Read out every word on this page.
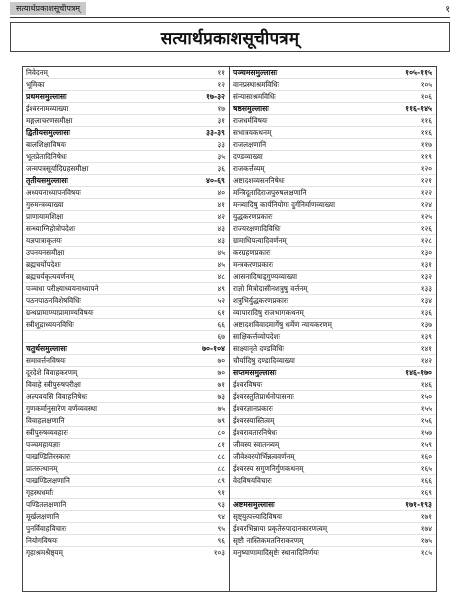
सत्यार्थप्रकाशसूचीपत्रम्	१
सत्यार्थप्रकाशसूचीपत्रम्
निवेदनम्	११
भूमिका	१२
प्रथमसमुल्लासः	१७-३२
ईश्वरनामव्याख्या	१७
मङ्गलाचरणसमीक्षा	३१
द्वितीयसमुल्लासः	३३-३९
बालशिक्षाविषयः	३३
भूतप्रेतादिनिषेधः	३५
जन्मपत्रसूर्यादिग्रहसमीक्षा	३६
तृतीयसमुल्लासः	४०-६९
अध्ययनाध्यापनविषयः	४०
गुरुमन्त्रव्याख्या	४१
प्राणायामशिक्षा	४२
सन्ध्याग्निहोत्रोपदेशः	४३
यज्ञपात्राकृतयः	४३
उपनयनसमीक्षा	४५
ब्रह्मचर्योपदेशः	४५
ब्रह्मचर्यकृत्यवर्णनम्	४८
पञ्चधा परीक्ष्याध्ययनाध्यापने	४९
पठनपाठनविशेषविधिः	५२
ग्रन्थप्रामाण्याप्रामाण्यविषयः	६१
स्त्रीशूद्राध्ययनविधिः	६६
६७
चतुर्थसमुल्लासः	७०-१०४
समावर्त्तनविषयः	७०
दूरदेशे विवाहकरणम्	७०
विवाहे स्त्रीपुरुषपरीक्षा	७१
अल्पवयसि विवाहनिषेधः	७३
गुणकर्मानुसारेण वर्णव्यवस्था	७५
विवाहलक्षणानि	७९
स्त्रीपुरुषव्यवहारः	८०
पञ्चमहायज्ञाः	८१
पाखण्डितिरस्कारः	८८
प्रातरुत्थानम्	८८
पाखण्डिलक्षणानि	८९
गृहस्थधर्माः	९१
पण्डितलक्षणानि	९३
मूर्खलक्षणानि	९४
पुनर्विवाहविचारः	९५
नियोगविषयः	९६
गृहाश्रमश्रैष्ठ्यम्	१०३
पञ्चमसमुल्लासः	१०५-११५
वानप्रस्थाश्रमविधिः	१०५
संन्यासाश्रमविधिः	१०६
षष्ठसमुल्लासः	११६-१४५
राजधर्मविषयः	११६
सभात्रयकथनम्	११६
राजलक्षणानि	११७
दण्डव्याख्या	११९
राजकर्त्तव्यम्	१२०
अष्टादशव्यसननिषेधः	१२१
मन्त्रिदूतादिराजपुरुषलक्षणानि	१२२
मन्त्र्यादिषु कार्यनियोगः दुर्गनिर्माणव्याख्या	१२४
युद्धकरणप्रकारः	१२५
राज्यरक्षणादिविधिः	१२६
ग्रामाधिपत्यादिवर्णनम्	१२८
करग्रहणप्रकारः	१३०
मन्त्रकरणप्रकारः	१३१
आसनादिषाड्गुण्यव्याख्या	१३२
राज्ञो मित्रोदासीनशत्रुषु वर्त्तनम्	१३३
शत्रुभिर्युद्धकरणप्रकारः	१३४
व्यापारादिषु राजभागकथनम्	१३६
अष्टादशविवादमार्गेषु धर्मेण न्यायकरणम्	१३७
साक्षिकर्त्तव्योपदेशः	१३९
साक्ष्यानृते दण्डविधिः	१४१
चौर्यादिषु दण्डादिव्याख्या	१४२
सप्तमसमुल्लासः	१४६-१७०
ईश्वरविषयः	१४६
ईश्वरस्तुतिप्रार्थनोपासनाः	१५०
ईश्वरज्ञानप्रकारः	१५५
ईश्वरस्यास्तित्वम्	१५६
ईश्वरावतारनिषेधः	१५७
जीवस्य स्वातन्त्र्यम्	१५९
जीवेश्वरयोर्भिन्नत्ववर्णनम्	१६०
ईश्वरस्य सगुणनिर्गुणकथनम्	१६५
वेदविषयविचारः	१६६
१६९
अष्टमसमुल्लासः	१७१-१९३
सृष्ट्युत्पत्त्यादिविषयः	१७१
ईश्वरभिन्नाया प्रकृतेरुपादानकारणत्वम्	१७४
सृष्टौ नास्तिकमतनिराकरणम्	१७५
मनुष्याणामादिसृष्टेः स्थानादिनिर्णयः	१८५
